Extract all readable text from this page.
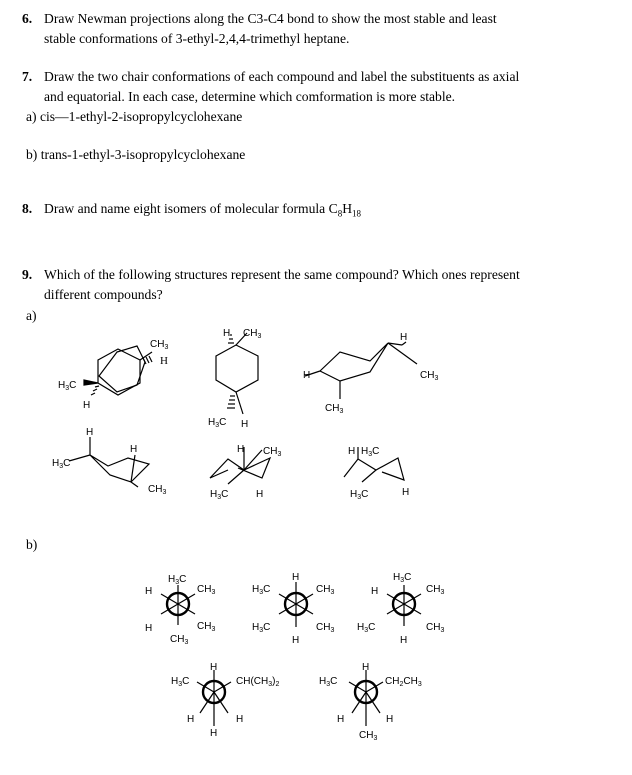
6. Draw Newman projections along the C3-C4 bond to show the most stable and least
stable conformations of 3-ethyl-2,4,4-trimethyl heptane.
7. Draw the two chair conformations of each compound and label the substituents as axial
and equatorial. In each case, determine which comformation is more stable.
a) cis—1-ethyl-2-isopropylcyclohexane
b) trans-1-ethyl-3-isopropylcyclohexane
8. Draw and name eight isomers of molecular formula $C_8H_{18}$
9. Which of the following structures represent the same compound? Which ones represent
different compounds?
a)
b)
$CH_3$
H
$H_3C$
H
H $CH_3$
$H_3C$ H
H
$CH_3$
H
$CH_3$
H
$H_3C$
$CH_3$
H	H $CH_3$
$H_3C$	H
H $H_3C$
$H_3C$	H
$H_3C$
H	$CH_3$
H	$CH_3$
$CH_3$
H
$H_3C$	$CH_3$
$H_3C$	$CH_3$
H
$H_3C$
H	$CH_3$
$H_3C$	$CH_3$
H
H
$H_3C$	$CH(CH_3)_2$
H	H
H
H
$H_3C$	$CH_2CH_3$
H	H
$CH_3$
